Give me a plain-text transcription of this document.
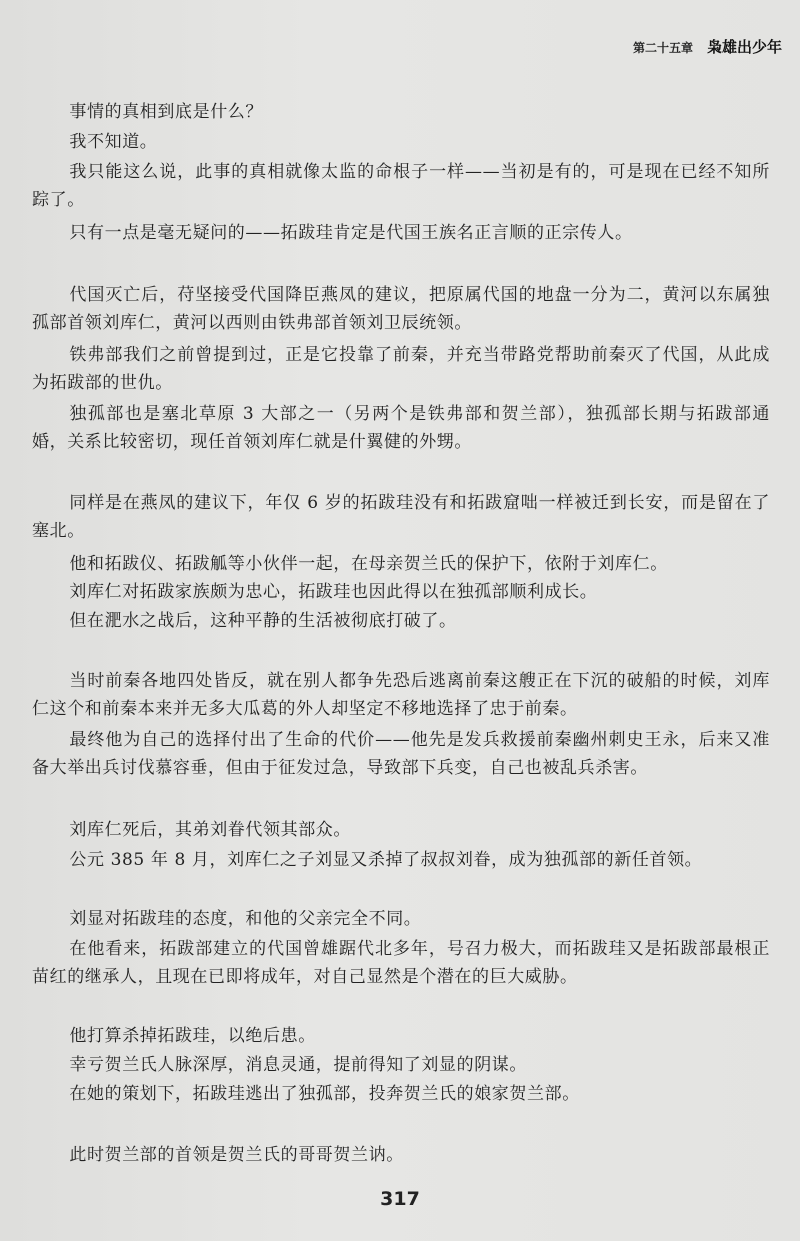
第二十五章 枭雄出少年
事情的真相到底是什么？
我不知道。
我只能这么说，此事的真相就像太监的命根子一样——当初是有的，可是现在已经不知所踪了。
只有一点是毫无疑问的——拓跋珪肯定是代国王族名正言顺的正宗传人。
代国灭亡后，苻坚接受代国降臣燕凤的建议，把原属代国的地盘一分为二，黄河以东属独孤部首领刘库仁，黄河以西则由铁弗部首领刘卫辰统领。
铁弗部我们之前曾提到过，正是它投靠了前秦，并充当带路党帮助前秦灭了代国，从此成为拓跋部的世仇。
独孤部也是塞北草原 3 大部之一（另两个是铁弗部和贺兰部），独孤部长期与拓跋部通婚，关系比较密切，现任首领刘库仁就是什翼健的外甥。
同样是在燕凤的建议下，年仅 6 岁的拓跋珪没有和拓跋窟咄一样被迁到长安，而是留在了塞北。
他和拓跋仪、拓跋觚等小伙伴一起，在母亲贺兰氏的保护下，依附于刘库仁。
刘库仁对拓跋家族颇为忠心，拓跋珪也因此得以在独孤部顺利成长。
但在淝水之战后，这种平静的生活被彻底打破了。
当时前秦各地四处皆反，就在别人都争先恐后逃离前秦这艘正在下沉的破船的时候，刘库仁这个和前秦本来并无多大瓜葛的外人却坚定不移地选择了忠于前秦。
最终他为自己的选择付出了生命的代价——他先是发兵救援前秦幽州刺史王永，后来又准备大举出兵讨伐慕容垂，但由于征发过急，导致部下兵变，自己也被乱兵杀害。
刘库仁死后，其弟刘眷代领其部众。
公元 385 年 8 月，刘库仁之子刘显又杀掉了叔叔刘眷，成为独孤部的新任首领。
刘显对拓跋珪的态度，和他的父亲完全不同。
在他看来，拓跋部建立的代国曾雄踞代北多年，号召力极大，而拓跋珪又是拓跋部最根正苗红的继承人，且现在已即将成年，对自己显然是个潜在的巨大威胁。
他打算杀掉拓跋珪，以绝后患。
幸亏贺兰氏人脉深厚，消息灵通，提前得知了刘显的阴谋。
在她的策划下，拓跋珪逃出了独孤部，投奔贺兰氏的娘家贺兰部。
此时贺兰部的首领是贺兰氏的哥哥贺兰讷。
317
